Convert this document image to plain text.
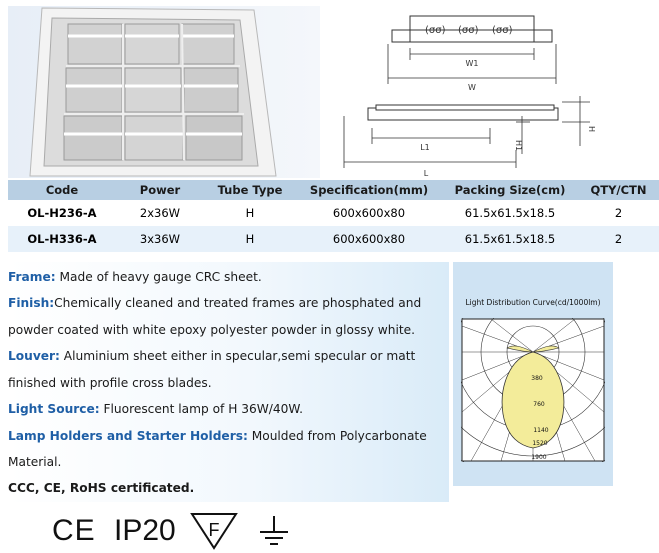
(σσ) (σσ) (σσ)
W1
W
H
H1
L1
L
Code	Power	Tube Type	Specification(mm)	Packing Size(cm)	QTY/CTN
OL-H236-A	2x36W	H	600x600x80	61.5x61.5x18.5	2
OL-H336-A	3x36W	H	600x600x80	61.5x61.5x18.5	2
Frame: Made of heavy gauge CRC sheet.
Finish:Chemically cleaned and treated frames are phosphated and
powder coated with white epoxy polyester powder in glossy white.
Louver: Aluminium sheet either in specular,semi specular or matt
finished with profile cross blades.
Light Source: Fluorescent lamp of H 36W/40W.
Lamp Holders and Starter Holders: Moulded from Polycarbonate
Material.
CCC, CE, RoHS certificated.
Light Distribution Curve(cd/1000lm)
380
760
1140
1520
1900
CE IP20 F
